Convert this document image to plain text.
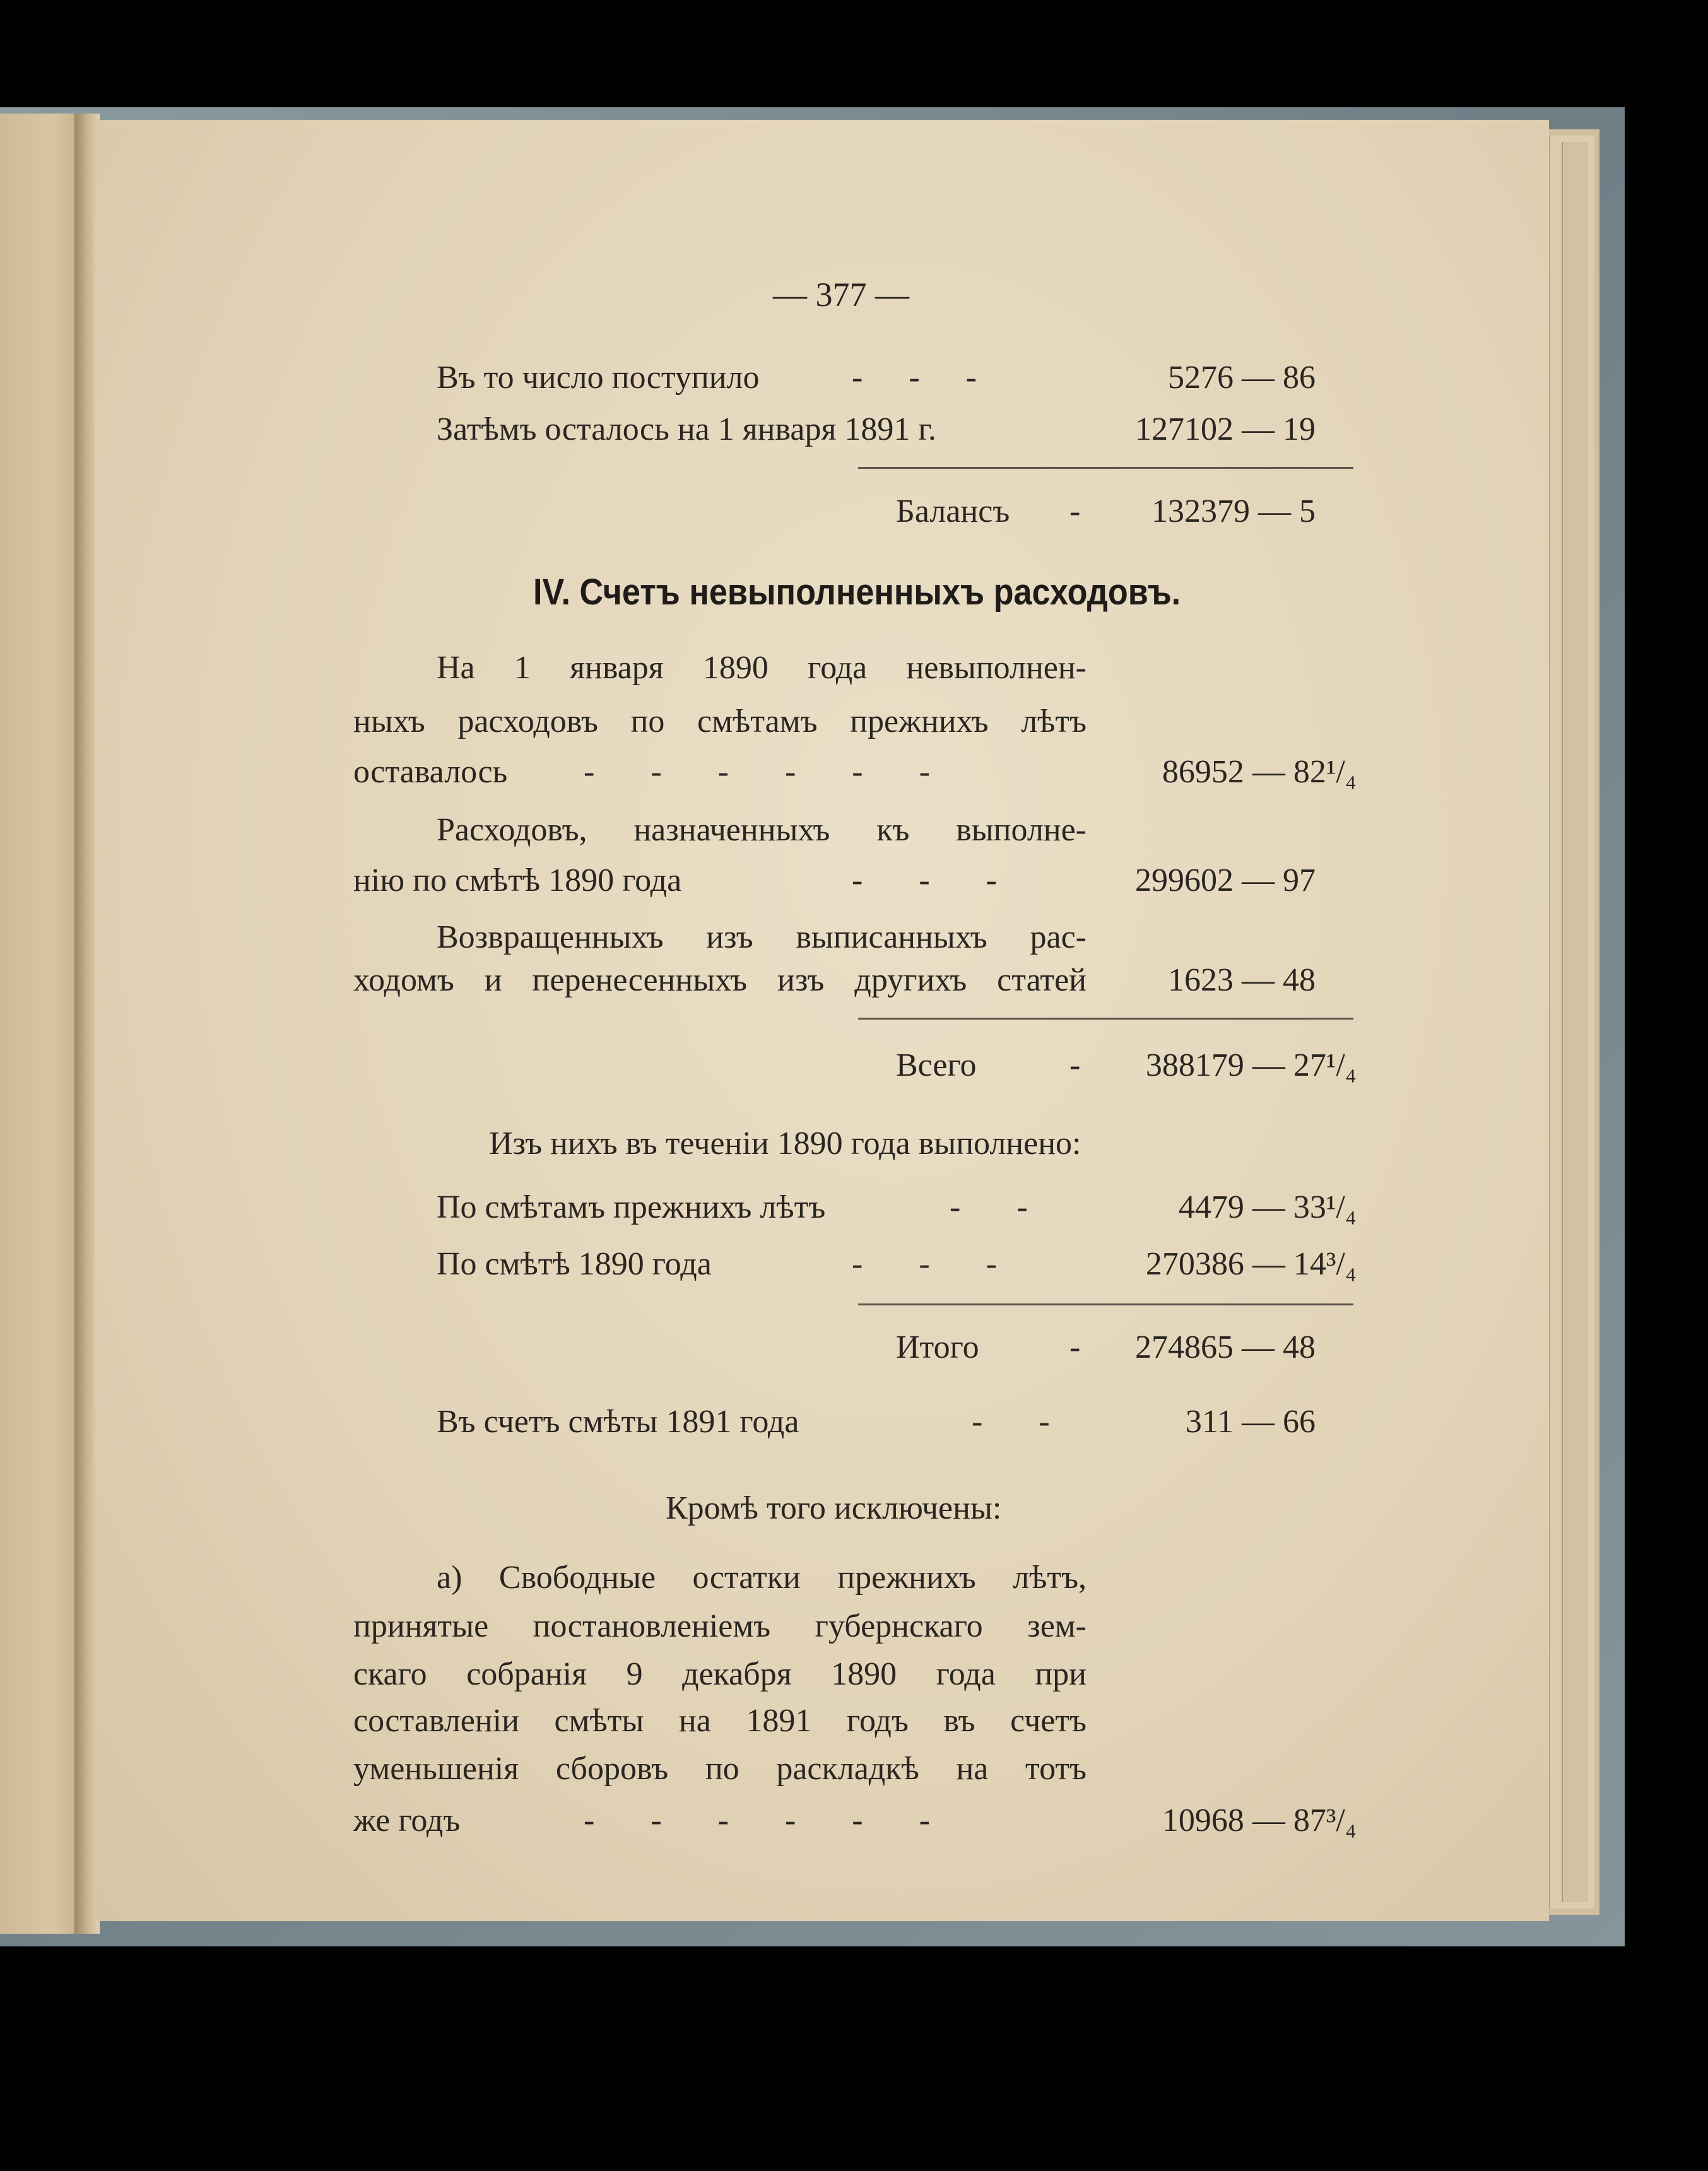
— 377 —
Въ то число поступило	- - -	5276 — 86
Затѣмъ осталось на 1 января 1891 г.	127102 — 19
Балансъ -	132379 — 5
IV. Счетъ невыполненныхъ расходовъ.
На 1 января 1890 года невыполнен-
ныхъ расходовъ по смѣтамъ прежнихъ лѣтъ
оставалось - - - - - -	86952 — 82¹/₄
Расходовъ, назначенныхъ къ выполне-
нію по смѣтѣ 1890 года	- - -	299602 — 97
Возвращенныхъ изъ выписанныхъ рас-
ходомъ и перенесенныхъ изъ другихъ статей	1623 — 48
Всего	-	388179 — 27¹/₄
Изъ нихъ въ теченіи 1890 года выполнено:
По смѣтамъ прежнихъ лѣтъ	- -	4479 — 33¹/₄
По смѣтѣ 1890 года	- - -	270386 — 14³/₄
Итого	-	274865 — 48
Въ счетъ смѣты 1891 года	- -	311 — 66
Кромѣ того исключены:
а) Свободные остатки прежнихъ лѣтъ,
принятые постановленіемъ губернскаго зем-
скаго собранія 9 декабря 1890 года при
составленіи смѣты на 1891 годъ въ счетъ
уменьшенія сборовъ по раскладкѣ на тотъ
же годъ	- - - - - -	10968 — 87³/₄
